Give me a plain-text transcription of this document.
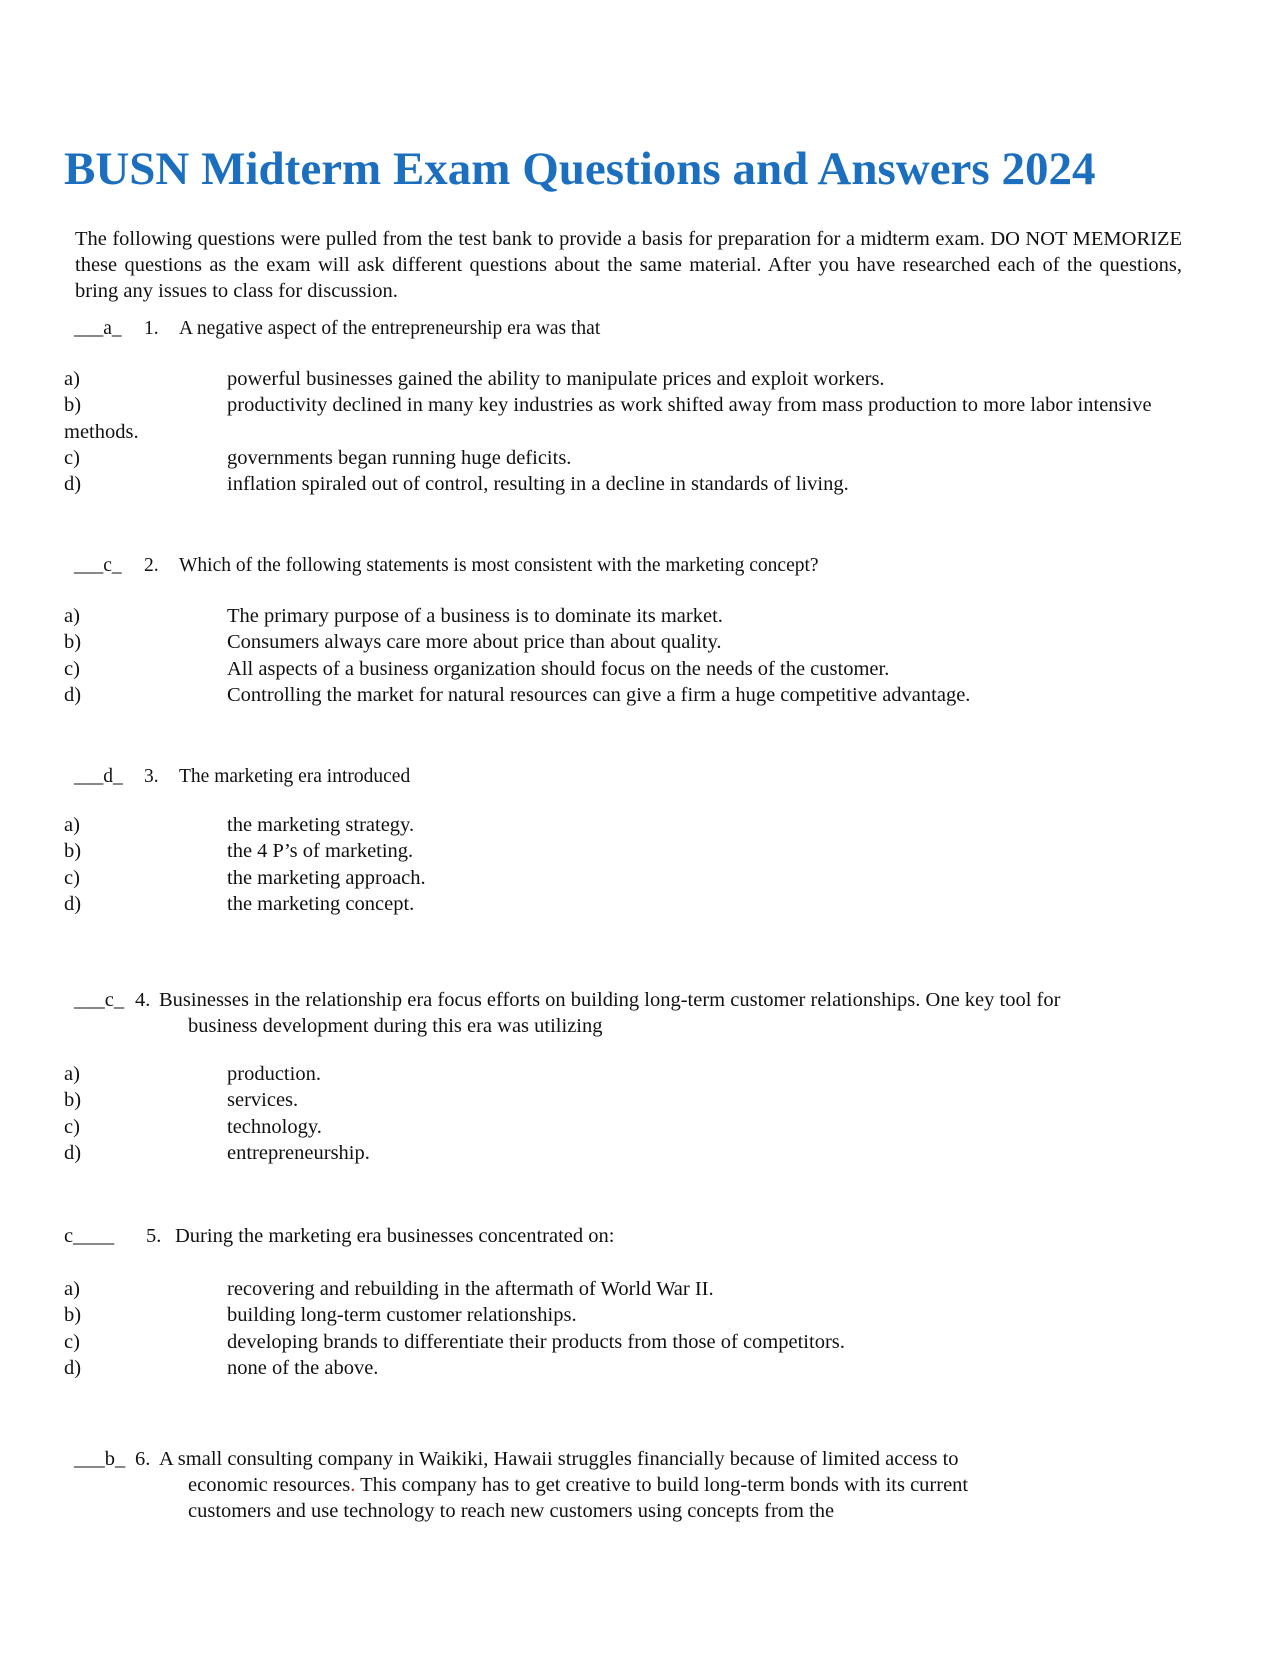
BUSN Midterm Exam Questions and Answers 2024

The following questions were pulled from the test bank to provide a basis for preparation for a midterm exam. DO NOT MEMORIZE these questions as the exam will ask different questions about the same material. After you have researched each of the questions, bring any issues to class for discussion.

___a_ 1. A negative aspect of the entrepreneurship era was that
a)	powerful businesses gained the ability to manipulate prices and exploit workers.
b)	productivity declined in many key industries as work shifted away from mass production to more labor intensive methods.
c)	governments began running huge deficits.
d)	inflation spiraled out of control, resulting in a decline in standards of living.
___c_ 2. Which of the following statements is most consistent with the marketing concept?
a)	The primary purpose of a business is to dominate its market.
b)	Consumers always care more about price than about quality.
c)	All aspects of a business organization should focus on the needs of the customer.
d)	Controlling the market for natural resources can give a firm a huge competitive advantage.
___d_ 3. The marketing era introduced
a)	the marketing strategy.
b)	the 4 P’s of marketing.
c)	the marketing approach.
d)	the marketing concept.
___c_ 4. Businesses in the relationship era focus efforts on building long-term customer relationships. One key tool for
business development during this era was utilizing
a)	production.
b)	services.
c)	technology.
d)	entrepreneurship.
c____ 5. During the marketing era businesses concentrated on:
a)	recovering and rebuilding in the aftermath of World War II.
b)	building long-term customer relationships.
c)	developing brands to differentiate their products from those of competitors.
d)	none of the above.
___b_ 6. A small consulting company in Waikiki, Hawaii struggles financially because of limited access to
economic resources. This company has to get creative to build long-term bonds with its current
customers and use technology to reach new customers using concepts from the
